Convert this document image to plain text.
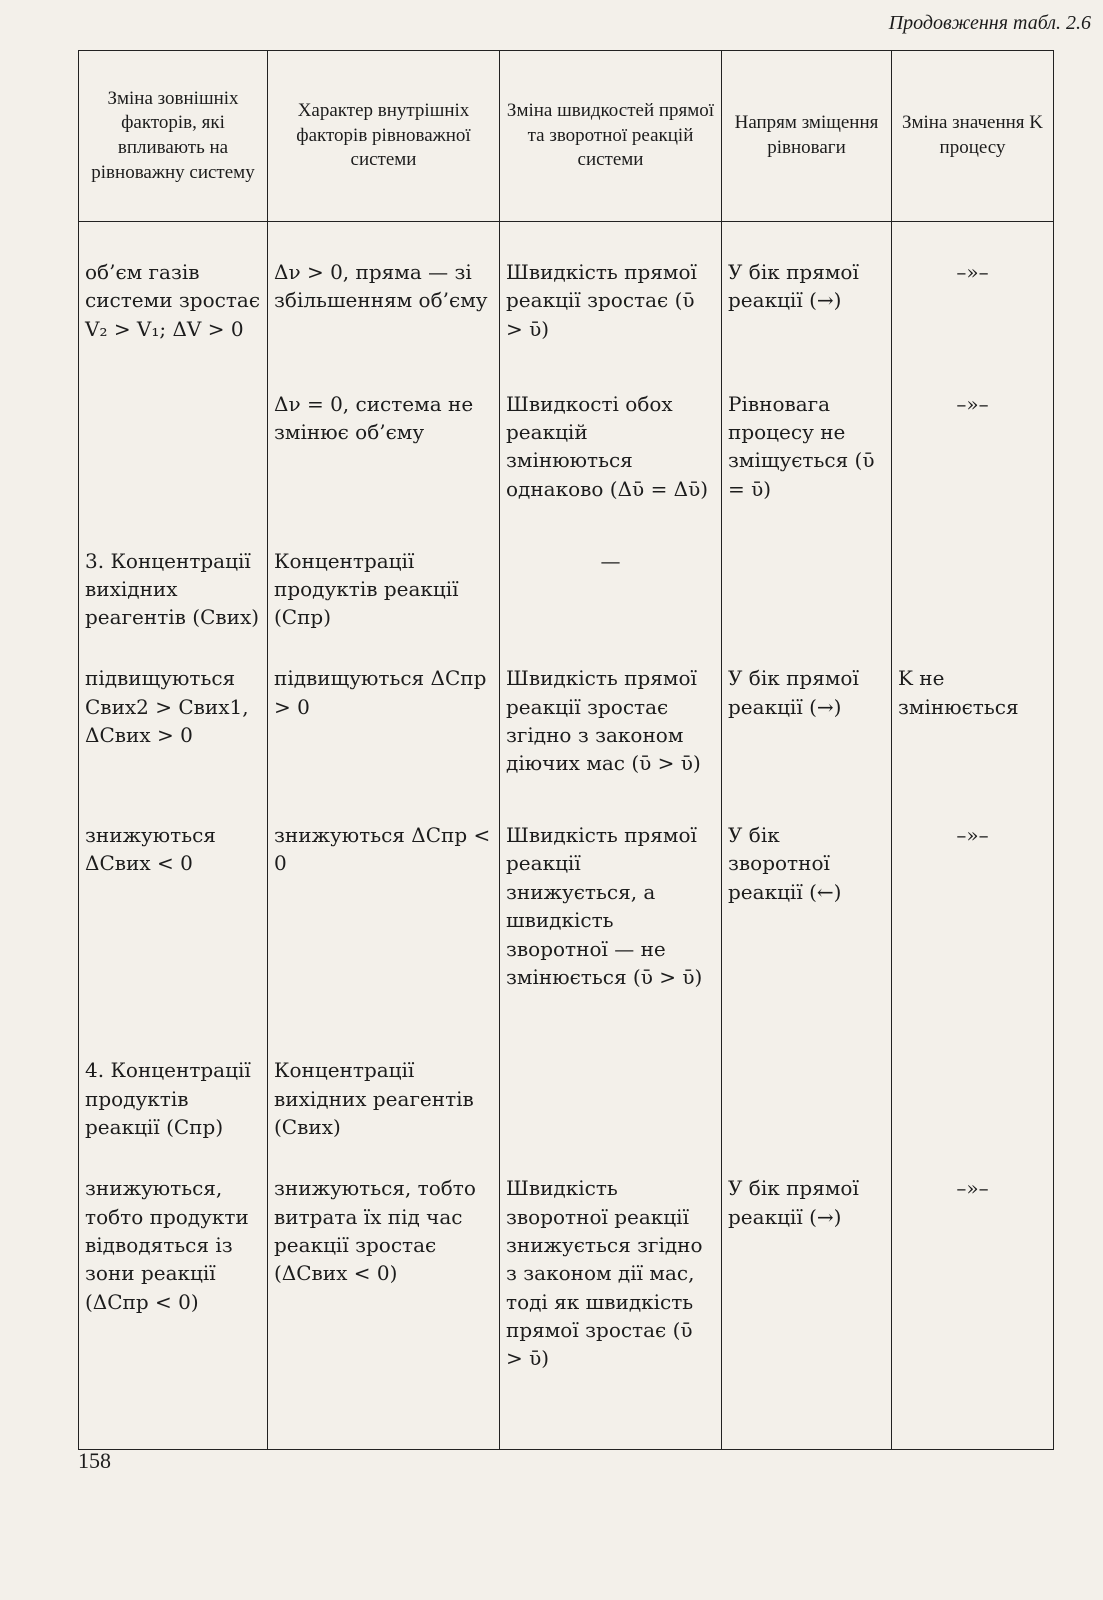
Продовження табл. 2.6
Зміна зовнішніх факторів, які впливають на рівноважну систему	Характер внутрішніх факторів рівноважної системи	Зміна швидкостей прямої та зворотної реакцій системи	Напрям зміщення рівноваги	Зміна значення K процесу
об’єм газів системи зростає V₂ > V₁; ΔV > 0	Δν > 0, пряма — зі збільшенням об’єму	Швидкість прямої реакції зростає (ῡ > ῡ)	У бік прямої реакції (→)	–»–
	Δν = 0, система не змінює об’єму	Швидкості обох реакцій змінюються однаково (Δῡ = Δῡ)	Рівновага процесу не зміщується (ῡ = ῡ)	–»–
3. Концентрації вихідних реагентів (Cвих)	Концентрації продуктів реакції (Cпр)	—		
підвищуються Cвих2 > Cвих1, ΔCвих > 0	підвищуються ΔCпр > 0	Швидкість прямої реакції зростає згідно з законом діючих мас (ῡ > ῡ)	У бік прямої реакції (→)	K не змінюється
знижуються ΔCвих < 0	знижуються ΔCпр < 0	Швидкість прямої реакції знижується, а швидкість зворотної — не змінюється (ῡ > ῡ)	У бік зворотної реакції (←)	–»–
4. Концентрації продуктів реакції (Cпр)	Концентрації вихідних реагентів (Cвих)			
знижуються, тобто продукти відводяться із зони реакції (ΔCпр < 0)	знижуються, тобто витрата їх під час реакції зростає (ΔCвих < 0)	Швидкість зворотної реакції знижується згідно з законом дії мас, тоді як швидкість прямої зростає (ῡ > ῡ)	У бік прямої реакції (→)	–»–
158
